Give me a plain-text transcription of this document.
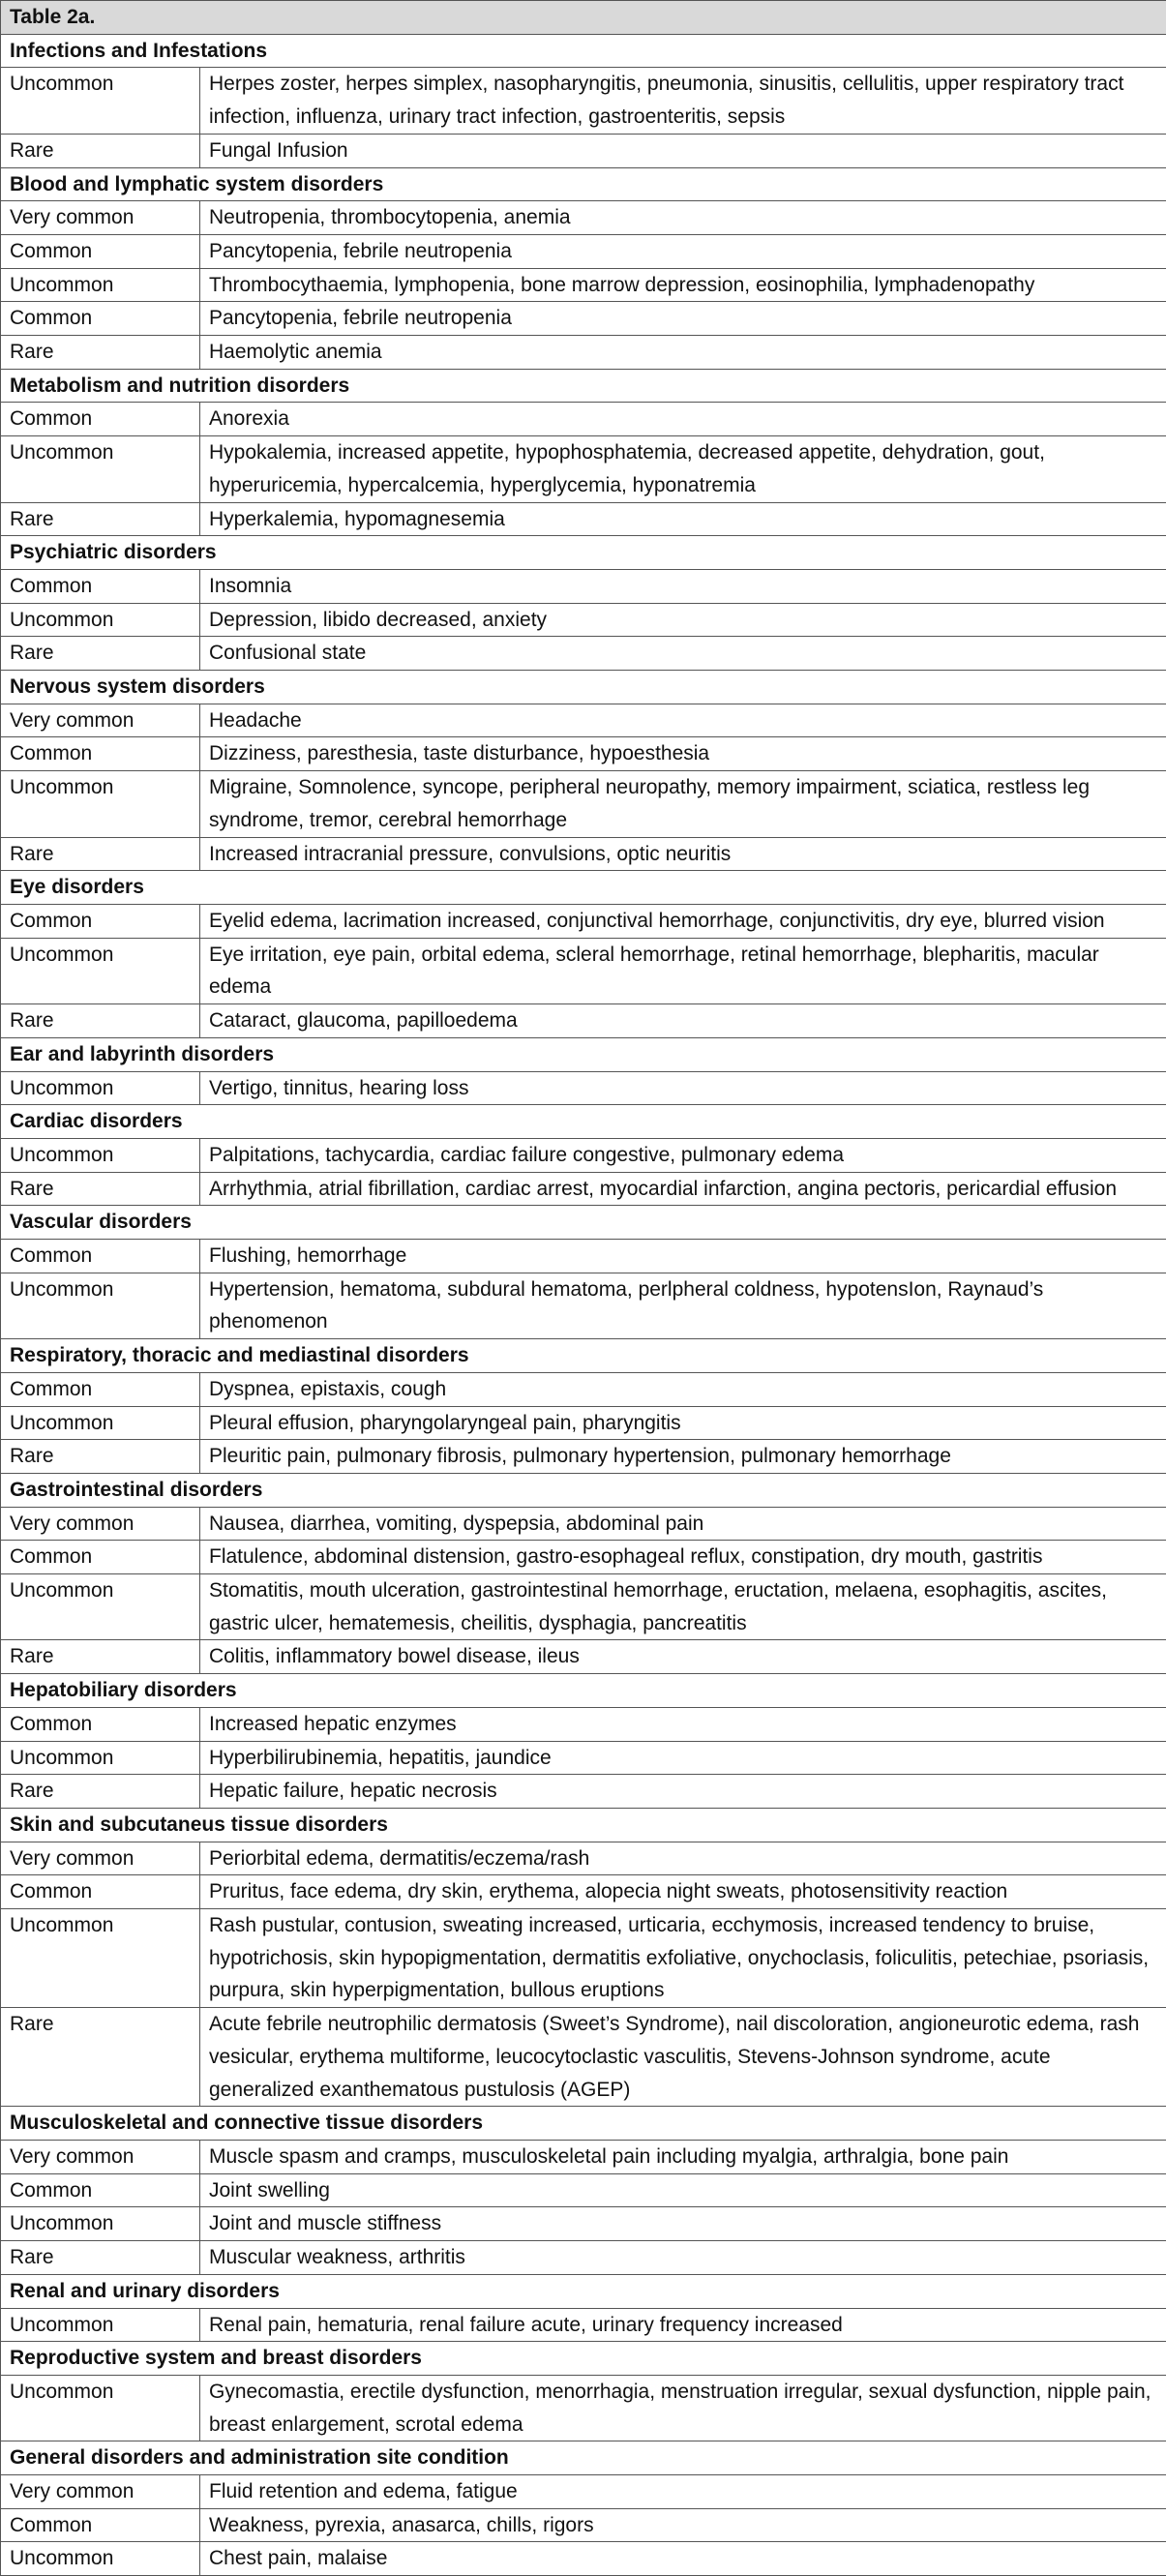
Table 2a.	
Infections and Infestations	
Uncommon	Herpes zoster, herpes simplex, nasopharyngitis, pneumonia, sinusitis, cellulitis, upper respiratory tract infection, influenza, urinary tract infection, gastroenteritis, sepsis
Rare	Fungal Infusion
Blood and lymphatic system disorders	
Very common	Neutropenia, thrombocytopenia, anemia
Common	Pancytopenia, febrile neutropenia
Uncommon	Thrombocythaemia, lymphopenia, bone marrow depression, eosinophilia, lymphadenopathy
Common	Pancytopenia, febrile neutropenia
Rare	Haemolytic anemia
Metabolism and nutrition disorders	
Common	Anorexia
Uncommon	Hypokalemia, increased appetite, hypophosphatemia, decreased appetite, dehydration, gout, hyperuricemia, hypercalcemia, hyperglycemia, hyponatremia
Rare	Hyperkalemia, hypomagnesemia
Psychiatric disorders	
Common	Insomnia
Uncommon	Depression, libido decreased, anxiety
Rare	Confusional state
Nervous system disorders	
Very common	Headache
Common	Dizziness, paresthesia, taste disturbance, hypoesthesia
Uncommon	Migraine, Somnolence, syncope, peripheral neuropathy, memory impairment, sciatica, restless leg syndrome, tremor, cerebral hemorrhage
Rare	Increased intracranial pressure, convulsions, optic neuritis
Eye disorders	
Common	Eyelid edema, lacrimation increased, conjunctival hemorrhage, conjunctivitis, dry eye, blurred vision
Uncommon	Eye irritation, eye pain, orbital edema, scleral hemorrhage, retinal hemorrhage, blepharitis, macular edema
Rare	Cataract, glaucoma, papilloedema
Ear and labyrinth disorders	
Uncommon	Vertigo, tinnitus, hearing loss
Cardiac disorders	
Uncommon	Palpitations, tachycardia, cardiac failure congestive, pulmonary edema
Rare	Arrhythmia, atrial fibrillation, cardiac arrest, myocardial infarction, angina pectoris, pericardial effusion
Vascular disorders	
Common	Flushing, hemorrhage
Uncommon	Hypertension, hematoma, subdural hematoma, perlpheral coldness, hypotensIon, Raynaud’s phenomenon
Respiratory, thoracic and mediastinal disorders	
Common	Dyspnea, epistaxis, cough
Uncommon	Pleural effusion, pharyngolaryngeal pain, pharyngitis
Rare	Pleuritic pain, pulmonary fibrosis, pulmonary hypertension, pulmonary hemorrhage
Gastrointestinal disorders	
Very common	Nausea, diarrhea, vomiting, dyspepsia, abdominal pain
Common	Flatulence, abdominal distension, gastro-esophageal reflux, constipation, dry mouth, gastritis
Uncommon	Stomatitis, mouth ulceration, gastrointestinal hemorrhage, eructation, melaena, esophagitis, ascites, gastric ulcer, hematemesis, cheilitis, dysphagia, pancreatitis
Rare	Colitis, inflammatory bowel disease, ileus
Hepatobiliary disorders	
Common	Increased hepatic enzymes
Uncommon	Hyperbilirubinemia, hepatitis, jaundice
Rare	Hepatic failure, hepatic necrosis
Skin and subcutaneus tissue disorders	
Very common	Periorbital edema, dermatitis/eczema/rash
Common	Pruritus, face edema, dry skin, erythema, alopecia night sweats, photosensitivity reaction
Uncommon	Rash pustular, contusion, sweating increased, urticaria, ecchymosis, increased tendency to bruise, hypotrichosis, skin hypopigmentation, dermatitis exfoliative, onychoclasis, foliculitis, petechiae, psoriasis, purpura, skin hyperpigmentation, bullous eruptions
Rare	Acute febrile neutrophilic dermatosis (Sweet’s Syndrome), nail discoloration, angioneurotic edema, rash vesicular, erythema multiforme, leucocytoclastic vasculitis, Stevens-Johnson syndrome, acute generalized exanthematous pustulosis (AGEP)
Musculoskeletal and connective tissue disorders	
Very common	Muscle spasm and cramps, musculoskeletal pain including myalgia, arthralgia, bone pain
Common	Joint swelling
Uncommon	Joint and muscle stiffness
Rare	Muscular weakness, arthritis
Renal and urinary disorders	
Uncommon	Renal pain, hematuria, renal failure acute, urinary frequency increased
Reproductive system and breast disorders	
Uncommon	Gynecomastia, erectile dysfunction, menorrhagia, menstruation irregular, sexual dysfunction, nipple pain, breast enlargement, scrotal edema
General disorders and administration site condition	
Very common	Fluid retention and edema, fatigue
Common	Weakness, pyrexia, anasarca, chills, rigors
Uncommon	Chest pain, malaise
